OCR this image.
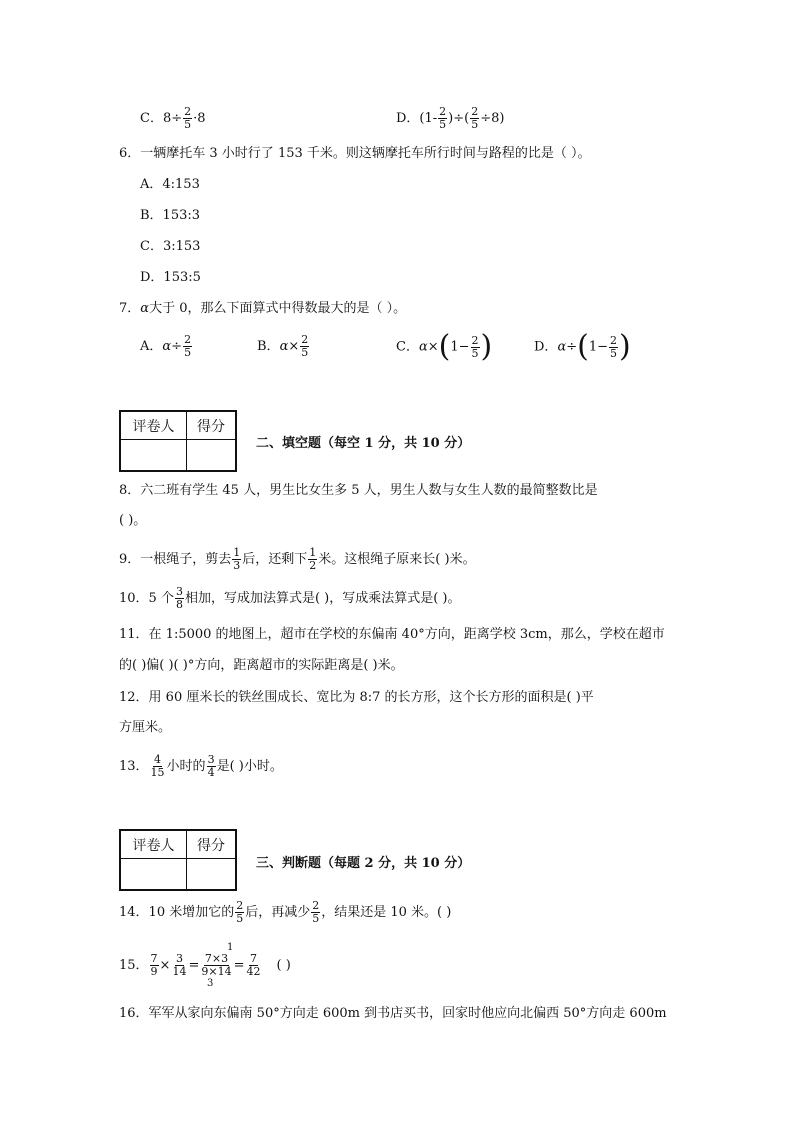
C．$8\div \frac{2}{5} \cdot 8$	D．($1- \frac{2}{5}$ )÷( $\frac{2}{5} \div 8$)
6．一辆摩托车 3 小时行了 153 千米。则这辆摩托车所行时间与路程的比是（ ）。
A．4:153
B．153:3
C．3:153
D．153:5
7．α大于 0，那么下面算式中得数最大的是（ ）。
A．$\alpha\div \frac{2}{5}$	B．$\alpha\times \frac{2}{5}$	C．$\alpha\times(1- \frac{2}{5}$ )	D．$\alpha\div(1- \frac{2}{5}$ )
评卷人	得分
二、填空题（每空 1 分，共 10 分）
8．六二班有学生 45 人，男生比女生多 5 人，男生人数与女生人数的最简整数比是
( )。
9．一根绳子，剪去 $\frac{1}{3}$ 后，还剩下 $\frac{1}{2}$ 米。这根绳子原来长( )米。
10．5 个 $\frac{3}{8}$ 相加，写成加法算式是( )，写成乘法算式是( )。
11．在 1:5000 的地图上，超市在学校的东偏南 40°方向，距离学校 3cm，那么，学校在超市
的( )偏( )( )°方向，距离超市的实际距离是( )米。
12．用 60 厘米长的铁丝围成长、宽比为 8:7 的长方形，这个长方形的面积是( )平
方厘米。
13． $\frac{4}{15}$ 小时的 $\frac{3}{4}$ 是( )小时。
评卷人	得分
三、判断题（每题 2 分，共 10 分）
14．10 米增加它的 $\frac{2}{5}$ 后，再减少 $\frac{2}{5}$ ，结果还是 10 米。( )
15． $\frac{7}{9} \times \frac{3}{14} = \frac{7\times 3}{9\times 14} = \frac{7}{42}$ ( )
1
3
16．军军从家向东偏南 50°方向走 600m 到书店买书，回家时他应向北偏西 50°方向走 600m
